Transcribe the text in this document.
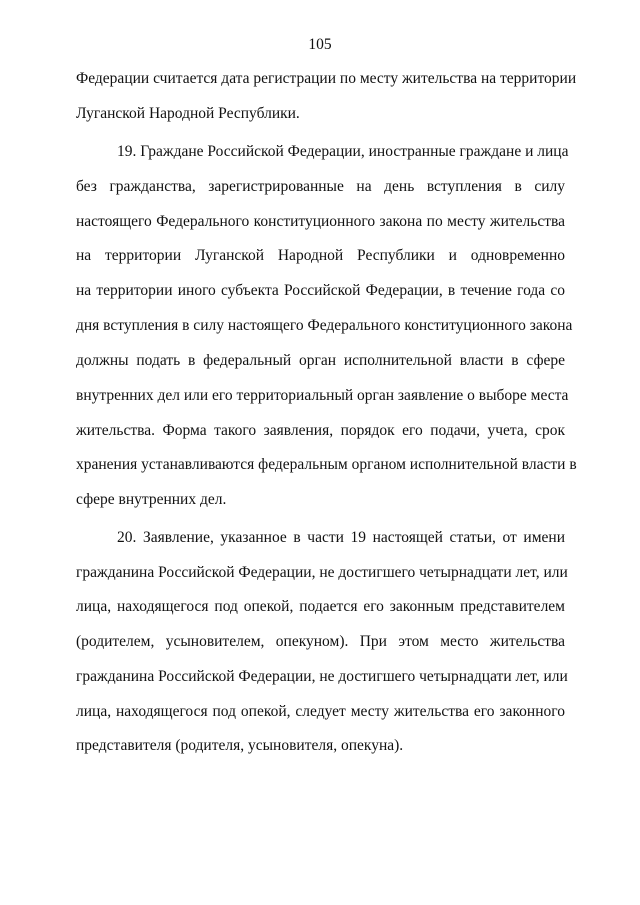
105
Федерации считается дата регистрации по месту жительства на территории
Луганской Народной Республики.
19. Граждане Российской Федерации, иностранные граждане и лица
без гражданства, зарегистрированные на день вступления в силу
настоящего Федерального конституционного закона по месту жительства
на территории Луганской Народной Республики и одновременно
на территории иного субъекта Российской Федерации, в течение года со
дня вступления в силу настоящего Федерального конституционного закона
должны подать в федеральный орган исполнительной власти в сфере
внутренних дел или его территориальный орган заявление о выборе места
жительства. Форма такого заявления, порядок его подачи, учета, срок
хранения устанавливаются федеральным органом исполнительной власти в
сфере внутренних дел.
20. Заявление, указанное в части 19 настоящей статьи, от имени
гражданина Российской Федерации, не достигшего четырнадцати лет, или
лица, находящегося под опекой, подается его законным представителем
(родителем, усыновителем, опекуном). При этом место жительства
гражданина Российской Федерации, не достигшего четырнадцати лет, или
лица, находящегося под опекой, следует месту жительства его законного
представителя (родителя, усыновителя, опекуна).
